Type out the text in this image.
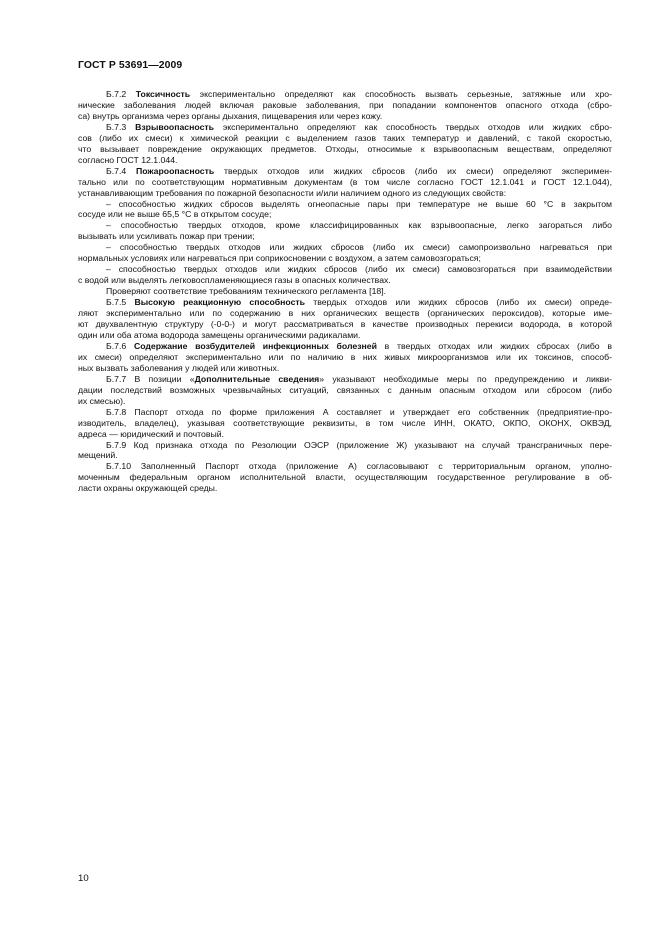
ГОСТ Р 53691—2009
Б.7.2 Токсичность экспериментально определяют как способность вызвать серьезные, затяжные или хро-
нические заболевания людей включая раковые заболевания, при попадании компонентов опасного отхода (сбро-
са) внутрь организма через органы дыхания, пищеварения или через кожу.
Б.7.3 Взрывоопасность экспериментально определяют как способность твердых отходов или жидких сбро-
сов (либо их смеси) к химической реакции с выделением газов таких температур и давлений, с такой скоростью,
что вызывает повреждение окружающих предметов. Отходы, относимые к взрывоопасным веществам, определяют
согласно ГОСТ 12.1.044.
Б.7.4 Пожароопасность твердых отходов или жидких сбросов (либо их смеси) определяют эксперимен-
тально или по соответствующим нормативным документам (в том числе согласно ГОСТ 12.1.041 и ГОСТ 12.1.044),
устанавливающим требования по пожарной безопасности и/или наличием одного из следующих свойств:
– способностью жидких сбросов выделять огнеопасные пары при температуре не выше 60 °С в закрытом
сосуде или не выше 65,5 °С в открытом сосуде;
– способностью твердых отходов, кроме классифицированных как взрывоопасные, легко загораться либо
вызывать или усиливать пожар при трении;
– способностью твердых отходов или жидких сбросов (либо их смеси) самопроизвольно нагреваться при
нормальных условиях или нагреваться при соприкосновении с воздухом, а затем самовозгораться;
– способностью твердых отходов или жидких сбросов (либо их смеси) самовозгораться при взаимодействии
с водой или выделять легковоспламеняющиеся газы в опасных количествах.
Проверяют соответствие требованиям технического регламента [18].
Б.7.5 Высокую реакционную способность твердых отходов или жидких сбросов (либо их смеси) опреде-
ляют экспериментально или по содержанию в них органических веществ (органических пероксидов), которые име-
ют двухвалентную структуру (-0-0-) и могут рассматриваться в качестве производных перекиси водорода, в которой
один или оба атома водорода замещены органическими радикалами.
Б.7.6 Содержание возбудителей инфекционных болезней в твердых отходах или жидких сбросах (либо в
их смеси) определяют экспериментально или по наличию в них живых микроорганизмов или их токсинов, способ-
ных вызвать заболевания у людей или животных.
Б.7.7 В позиции «Дополнительные сведения» указывают необходимые меры по предупреждению и ликви-
дации последствий возможных чрезвычайных ситуаций, связанных с данным опасным отходом или сбросом (либо
их смесью).
Б.7.8 Паспорт отхода по форме приложения А составляет и утверждает его собственник (предприятие-про-
изводитель, владелец), указывая соответствующие реквизиты, в том числе ИНН, ОКАТО, ОКПО, ОКОНХ, ОКВЭД,
адреса — юридический и почтовый.
Б.7.9 Код признака отхода по Резолюции ОЭСР (приложение Ж) указывают на случай трансграничных пере-
мещений.
Б.7.10 Заполненный Паспорт отхода (приложение А) согласовывают с территориальным органом, уполно-
моченным федеральным органом исполнительной власти, осуществляющим государственное регулирование в об-
ласти охраны окружающей среды.
10
